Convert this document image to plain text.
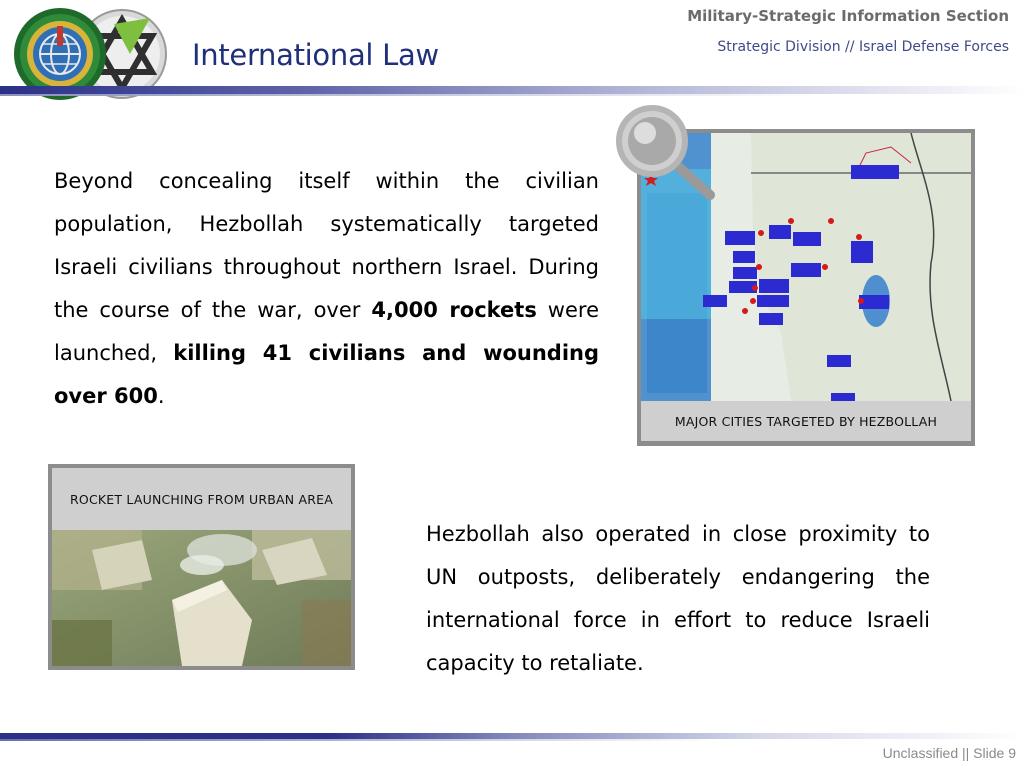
International Law
Military-Strategic Information Section
Strategic Division // Israel Defense Forces
Beyond concealing itself within the civilian population, Hezbollah systematically targeted Israeli civilians throughout northern Israel. During the course of the war, over 4,000 rockets were launched, killing 41 civilians and wounding over 600.
MAJOR CITIES TARGETED BY HEZBOLLAH
ROCKET LAUNCHING FROM URBAN AREA
Hezbollah also operated in close proximity to UN outposts, deliberately endangering the international force in effort to reduce Israeli capacity to retaliate.
Unclassified || Slide 9
